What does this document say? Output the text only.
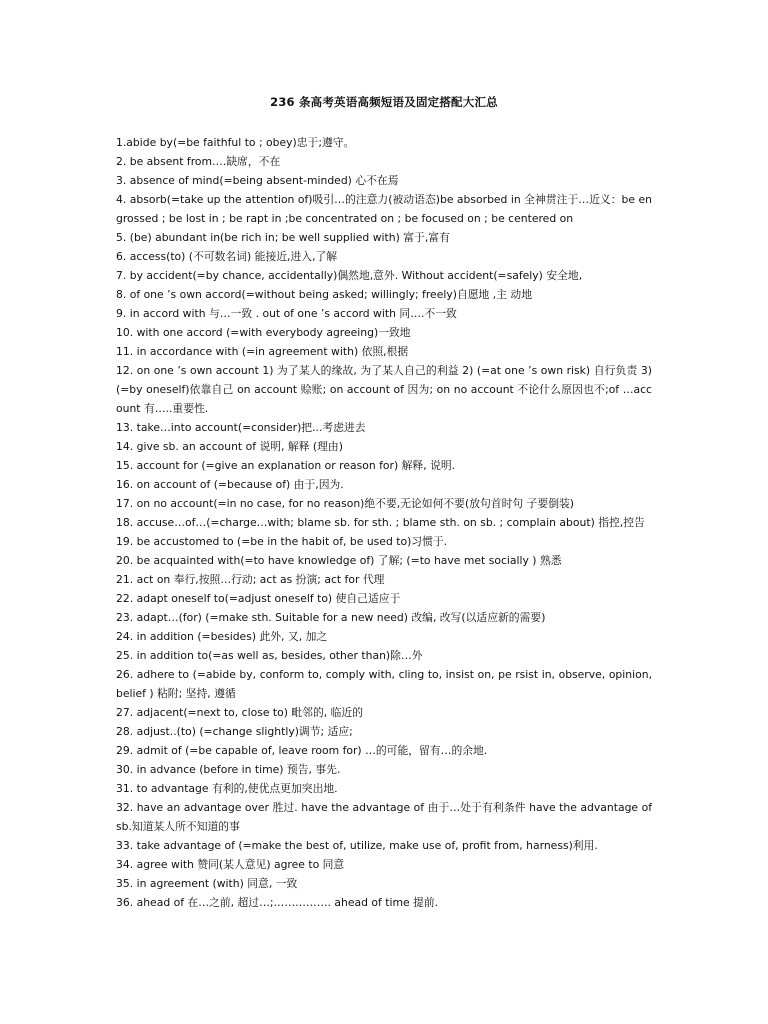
236 条高考英语高频短语及固定搭配大汇总
1.abide by(=be faithful to ; obey)忠于;遵守。
2. be absent from….缺席，不在
3. absence of mind(=being absent-minded) 心不在焉
4. absorb(=take up the attention of)吸引…的注意力(被动语态)be absorbed in 全神贯注于…近义：be engrossed ; be lost in ; be rapt in ;be concentrated on ; be focused on ; be centered on
5. (be) abundant in(be rich in; be well supplied with) 富于,富有
6. access(to) (不可数名词) 能接近,进入,了解
7. by accident(=by chance, accidentally)偶然地,意外. Without accident(=safely) 安全地,
8. of one ’s own accord(=without being asked; willingly; freely)自愿地 ,主 动地
9. in accord with 与…一致 . out of one ’s accord with 同….不一致
10. with one accord (=with everybody agreeing)一致地
11. in accordance with (=in agreement with) 依照,根据
12. on one ’s own account 1) 为了某人的缘故, 为了某人自己的利益 2) (=at one ’s own risk) 自行负责 3) (=by oneself)依靠自己 on account 赊账; on account of 因为; on no account 不论什么原因也不;of …account 有…..重要性.
13. take…into account(=consider)把...考虑进去
14. give sb. an account of 说明, 解释 (理由)
15. account for (=give an explanation or reason for) 解释, 说明.
16. on account of (=because of) 由于,因为.
17. on no account(=in no case, for no reason)绝不要,无论如何不要(放句首时句 子要倒装)
18. accuse…of…(=charge…with; blame sb. for sth. ; blame sth. on sb. ; complain about) 指控,控告
19. be accustomed to (=be in the habit of, be used to)习惯于.
20. be acquainted with(=to have knowledge of) 了解; (=to have met socially ) 熟悉
21. act on 奉行,按照…行动; act as 扮演; act for 代理
22. adapt oneself to(=adjust oneself to) 使自己适应于
23. adapt…(for) (=make sth. Suitable for a new need) 改编, 改写(以适应新的需要)
24. in addition (=besides) 此外, 又, 加之
25. in addition to(=as well as, besides, other than)除…外
26. adhere to (=abide by, conform to, comply with, cling to, insist on, pe rsist in, observe, opinion, belief ) 粘附; 坚持, 遵循
27. adjacent(=next to, close to) 毗邻的, 临近的
28. adjust..(to) (=change slightly)调节; 适应;
29. admit of (=be capable of, leave room for) …的可能，留有…的余地.
30. in advance (before in time) 预告, 事先.
31. to advantage 有利的,使优点更加突出地.
32. have an advantage over 胜过. have the advantage of 由于…处于有利条件 have the advantage of sb.知道某人所不知道的事
33. take advantage of (=make the best of, utilize, make use of, profit from, harness)利用.
34. agree with 赞同(某人意见) agree to 同意
35. in agreement (with) 同意, 一致
36. ahead of 在…之前, 超过…;……………. ahead of time 提前.
